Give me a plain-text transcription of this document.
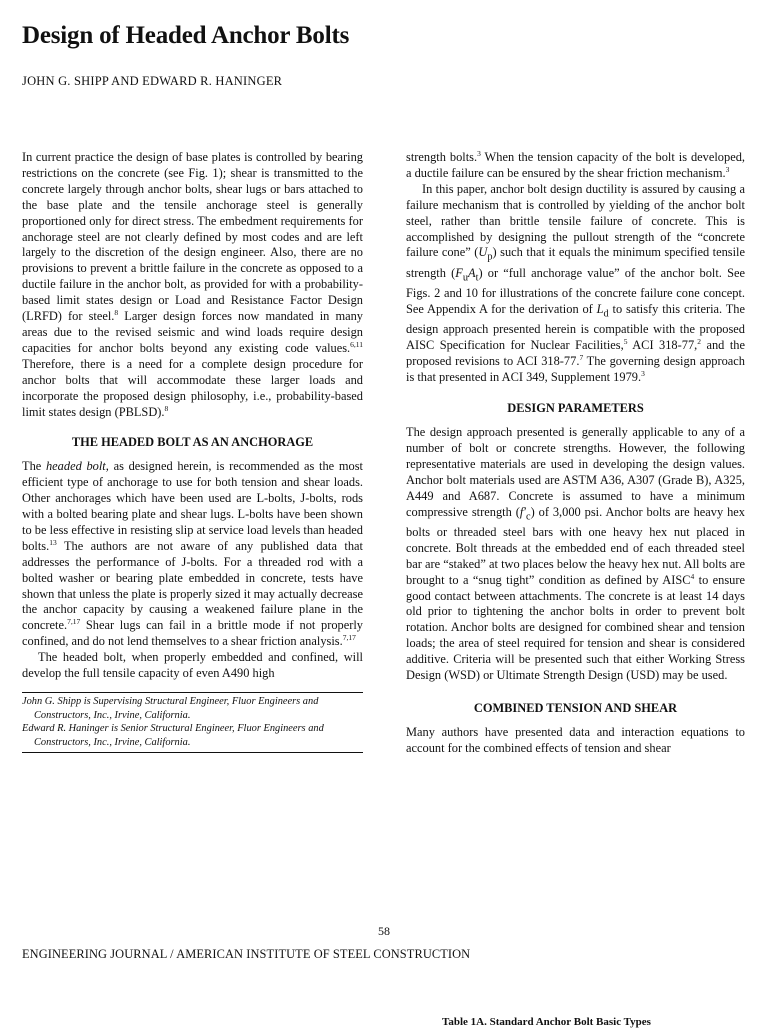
Design of Headed Anchor Bolts
JOHN G. SHIPP AND EDWARD R. HANINGER

In current practice the design of base plates is controlled by bearing restrictions on the concrete (see Fig. 1); shear is transmitted to the concrete largely through anchor bolts, shear lugs or bars attached to the base plate and the tensile anchorage steel is generally proportioned only for direct stress. The embedment requirements for anchorage steel are not clearly defined by most codes and are left largely to the discretion of the design engineer. Also, there are no provisions to prevent a brittle failure in the concrete as opposed to a ductile failure in the anchor bolt, as provided for with a probability-based limit states design or Load and Resistance Factor Design (LRFD) for steel.$^8$ Larger design forces now mandated in many areas due to the revised seismic and wind loads require design capacities for anchor bolts beyond any existing code values.$^{6,11}$ Therefore, there is a need for a complete design procedure for anchor bolts that will accommodate these larger loads and incorporate the proposed design philosophy, i.e., probability-based limit states design (PBLSD).$^8$

THE HEADED BOLT AS AN ANCHORAGE

The headed bolt, as designed herein, is recommended as the most efficient type of anchorage to use for both tension and shear loads. Other anchorages which have been used are L-bolts, J-bolts, rods with a bolted bearing plate and shear lugs. L-bolts have been shown to be less effective in resisting slip at service load levels than headed bolts.$^{13}$ The authors are not aware of any published data that addresses the performance of J-bolts. For a threaded rod with a bolted washer or bearing plate embedded in concrete, tests have shown that unless the plate is properly sized it may actually decrease the anchor capacity by causing a weakened failure plane in the concrete.$^{7,17}$ Shear lugs can fail in a brittle mode if not properly confined, and do not lend themselves to a shear friction analysis.$^{7,17}$

The headed bolt, when properly embedded and confined, will develop the full tensile capacity of even A490 high

John G. Shipp is Supervising Structural Engineer, Fluor Engineers and Constructors, Inc., Irvine, California.
Edward R. Haninger is Senior Structural Engineer, Fluor Engineers and Constructors, Inc., Irvine, California.

strength bolts.$^3$ When the tension capacity of the bolt is developed, a ductile failure can be ensured by the shear friction mechanism.$^3$

In this paper, anchor bolt design ductility is assured by causing a failure mechanism that is controlled by yielding of the anchor bolt steel, rather than brittle tensile failure of concrete. This is accomplished by designing the pullout strength of the “concrete failure cone” $(U_p)$ such that it equals the minimum specified tensile strength $(F_uA_t)$ or “full anchorage value” of the anchor bolt. See Figs. 2 and 10 for illustrations of the concrete failure cone concept. See Appendix A for the derivation of $L_d$ to satisfy this criteria. The design approach presented herein is compatible with the proposed AISC Specification for Nuclear Facilities,$^5$ ACI 318-77,$^2$ and the proposed revisions to ACI 318-77.$^7$ The governing design approach is that presented in ACI 349, Supplement 1979.$^3$

DESIGN PARAMETERS

The design approach presented is generally applicable to any of a number of bolt or concrete strengths. However, the following representative materials are used in developing the design values. Anchor bolt materials used are ASTM A36, A307 (Grade B), A325, A449 and A687. Concrete is assumed to have a minimum compressive strength $(f'_c)$ of 3,000 psi. Anchor bolts are heavy hex bolts or threaded steel bars with one heavy hex nut placed in concrete. Bolt threads at the embedded end of each threaded steel bar are “staked” at two places below the heavy hex nut. All bolts are brought to a “snug tight” condition as defined by AISC$^4$ to ensure good contact between attachments. The concrete is at least 14 days old prior to tightening the anchor bolts in order to prevent bolt rotation. Anchor bolts are designed for combined shear and tension loads; the area of steel required for tension and shear is considered additive. Criteria will be presented such that either Working Stress Design (WSD) or Ultimate Strength Design (USD) may be used.

COMBINED TENSION AND SHEAR

Many authors have presented data and interaction equations to account for the combined effects of tension and shear

58
ENGINEERING JOURNAL / AMERICAN INSTITUTE OF STEEL CONSTRUCTION
Table 1A. Standard Anchor Bolt Basic Types
